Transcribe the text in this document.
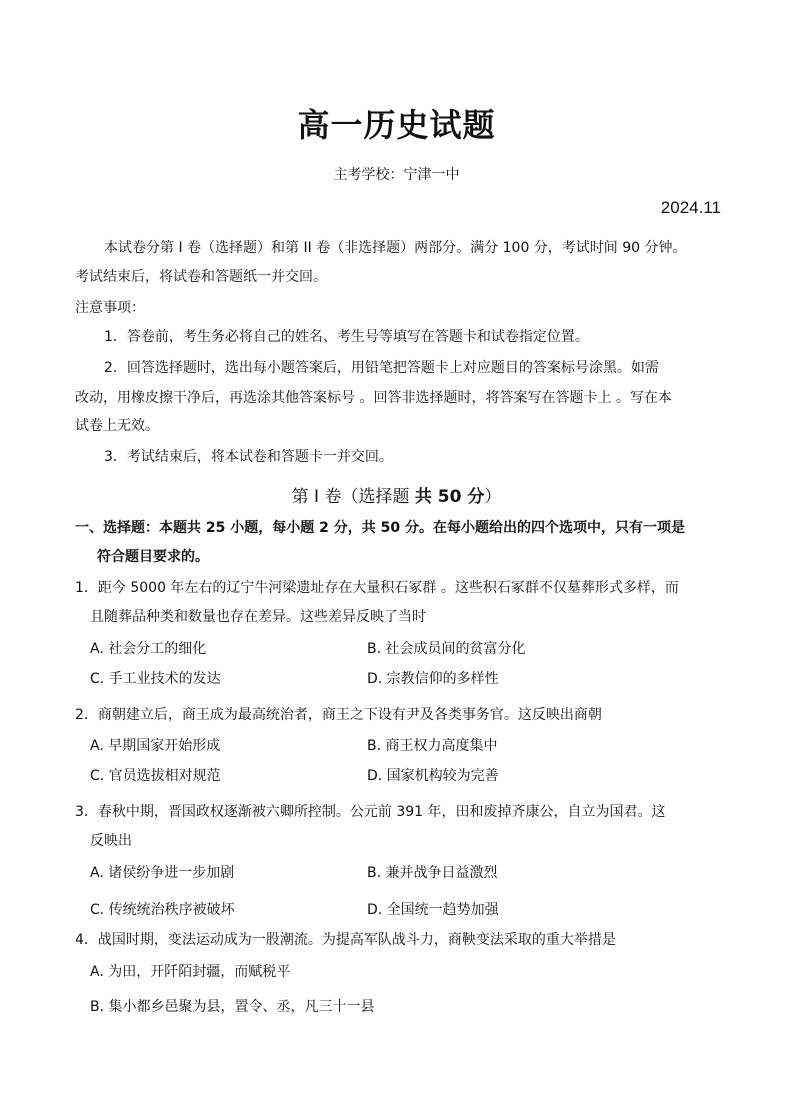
高一历史试题
主考学校：宁津一中
2024.11
本试卷分第 I 卷（选择题）和第 II 卷（非选择题）两部分。满分 100 分，考试时间 90 分钟。
考试结束后，将试卷和答题纸一并交回。
注意事项：
1．答卷前，考生务必将自己的姓名、考生号等填写在答题卡和试卷指定位置。
2．回答选择题时，选出每小题答案后，用铅笔把答题卡上对应题目的答案标号涂黑。如需
改动，用橡皮擦干净后，再选涂其他答案标号 。回答非选择题时，将答案写在答题卡上 。写在本
试卷上无效。
3．考试结束后，将本试卷和答题卡一并交回。
第 I 卷（选择题 共 50 分）
一、选择题：本题共 25 小题，每小题 2 分，共 50 分。在每小题给出的四个选项中，只有一项是
符合题目要求的。
1．距今 5000 年左右的辽宁牛河梁遗址存在大量积石冢群 。这些积石冢群不仅墓葬形式多样，而
且随葬品种类和数量也存在差异。这些差异反映了当时
A. 社会分工的细化	B. 社会成员间的贫富分化
C. 手工业技术的发达	D. 宗教信仰的多样性
2．商朝建立后，商王成为最高统治者，商王之下设有尹及各类事务官。这反映出商朝
A. 早期国家开始形成	B. 商王权力高度集中
C. 官员选拔相对规范	D. 国家机构较为完善
3．春秋中期，晋国政权逐渐被六卿所控制。公元前 391 年，田和废掉齐康公，自立为国君。这
反映出
A. 诸侯纷争进一步加剧	B. 兼并战争日益激烈
C. 传统统治秩序被破坏	D. 全国统一趋势加强
4．战国时期，变法运动成为一股潮流。为提高军队战斗力，商鞅变法采取的重大举措是
A. 为田，开阡陌封疆，而赋税平
B. 集小都乡邑聚为县，置令、丞，凡三十一县
